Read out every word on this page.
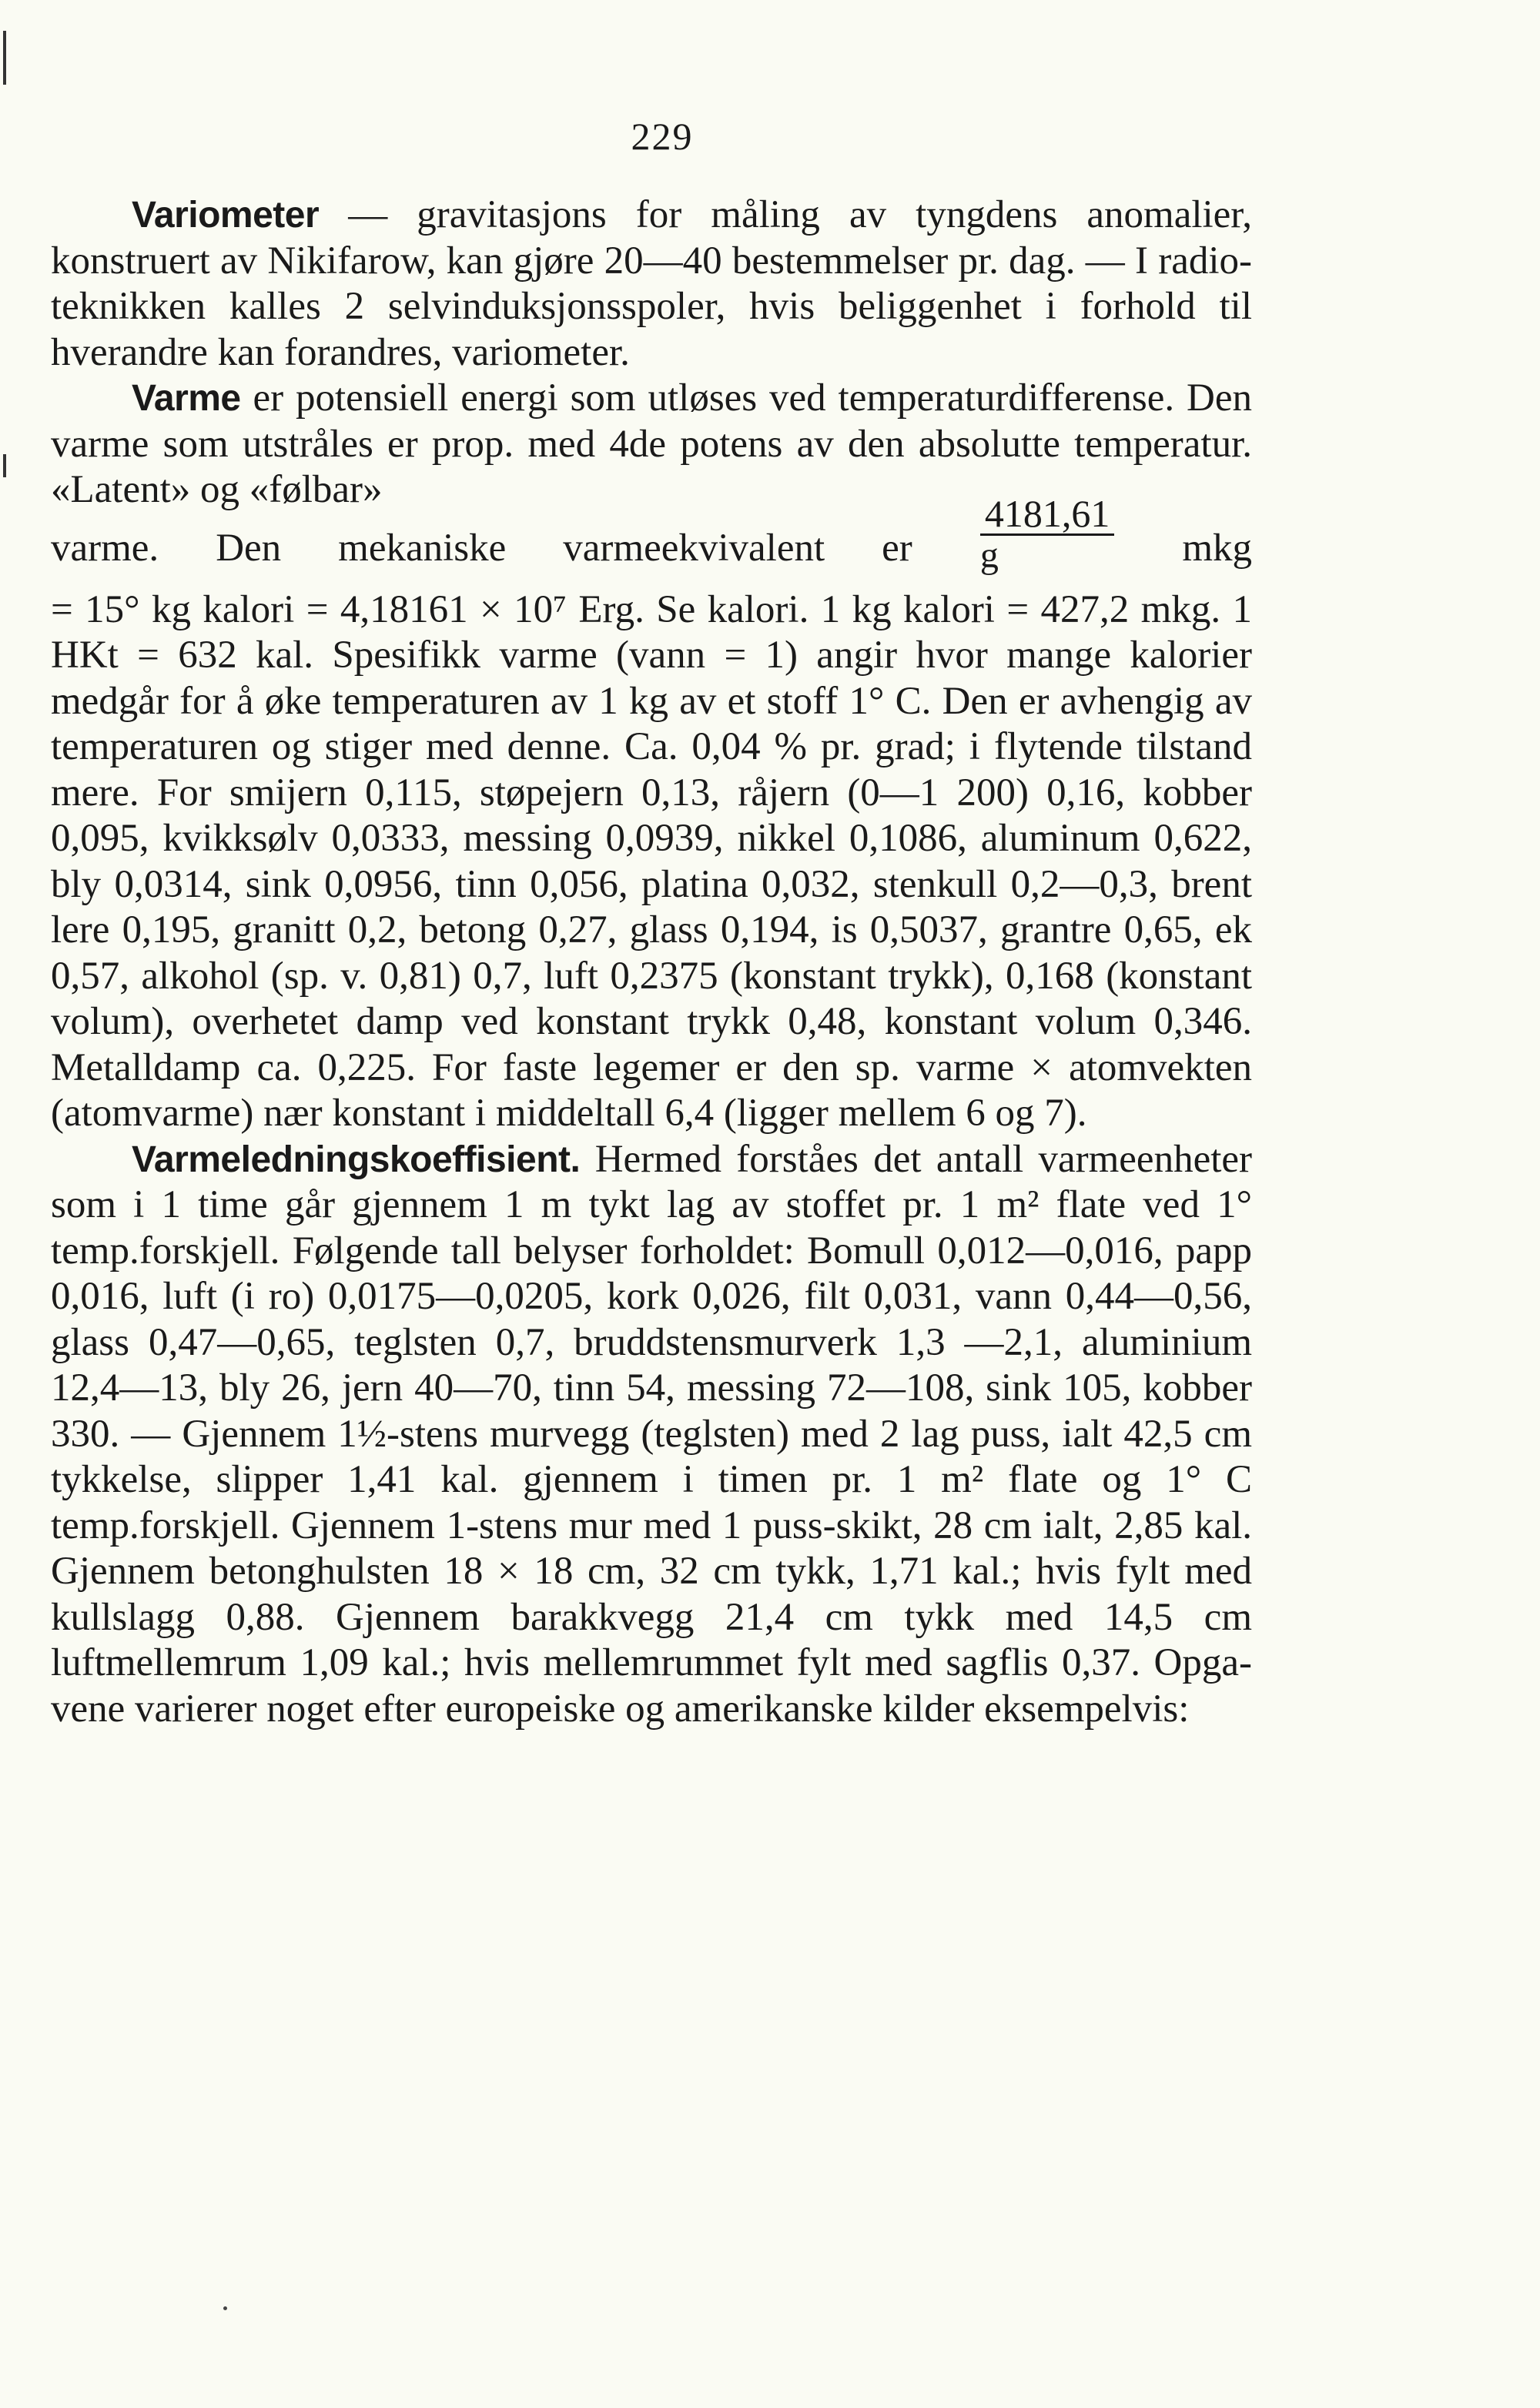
229

Variometer — gravitasjons for måling av tyngdens anomalier, konstruert av Nikifarow, kan gjøre 20—40 bestemmelser pr. dag. — I radio-teknikken kalles 2 selvinduksjonsspoler, hvis beliggenhet i forhold til hverandre kan forandres, variometer.

Varme er potensiell energi som utløses ved temperaturdifferense. Den varme som utstråles er prop. med 4de potens av den absolutte temperatur. «Latent» og «følbar»

varme. Den mekaniske varmeekvivalent er $\frac{4181,61}{g}$ mkg

= 15° kg kalori = 4,18161 × 10⁷ Erg. Se kalori. 1 kg kalori = 427,2 mkg. 1 HKt = 632 kal. Spesifikk varme (vann = 1) angir hvor mange kalorier medgår for å øke temperaturen av 1 kg av et stoff 1° C. Den er avhengig av temperaturen og stiger med denne. Ca. 0,04 % pr. grad; i flytende tilstand mere. For smijern 0,115, støpejern 0,13, råjern (0—1 200) 0,16, kobber 0,095, kvikksølv 0,0333, messing 0,0939, nikkel 0,1086, aluminum 0,622, bly 0,0314, sink 0,0956, tinn 0,056, platina 0,032, stenkull 0,2—0,3, brent lere 0,195, granitt 0,2, betong 0,27, glass 0,194, is 0,5037, grantre 0,65, ek 0,57, alkohol (sp. v. 0,81) 0,7, luft 0,2375 (konstant trykk), 0,168 (konstant volum), overhetet damp ved konstant trykk 0,48, konstant volum 0,346. Metalldamp ca. 0,225. For faste legemer er den sp. varme × atomvekten (atomvarme) nær konstant i middeltall 6,4 (ligger mellem 6 og 7).

Varmeledningskoeffisient. Hermed forståes det antall varmeenheter som i 1 time går gjennem 1 m tykt lag av stoffet pr. 1 m² flate ved 1° temp.forskjell. Følgende tall belyser forholdet: Bomull 0,012—0,016, papp 0,016, luft (i ro) 0,0175—0,0205, kork 0,026, filt 0,031, vann 0,44—0,56, glass 0,47—0,65, teglsten 0,7, bruddstensmurverk 1,3 —2,1, aluminium 12,4—13, bly 26, jern 40—70, tinn 54, messing 72—108, sink 105, kobber 330. — Gjennem 1½-stens murvegg (teglsten) med 2 lag puss, ialt 42,5 cm tykkelse, slipper 1,41 kal. gjennem i timen pr. 1 m² flate og 1° C temp.forskjell. Gjennem 1-stens mur med 1 puss-skikt, 28 cm ialt, 2,85 kal. Gjennem betonghulsten 18 × 18 cm, 32 cm tykk, 1,71 kal.; hvis fylt med kullslagg 0,88. Gjennem barakkvegg 21,4 cm tykk med 14,5 cm luftmellemrum 1,09 kal.; hvis mellemrummet fylt med sagflis 0,37. Opgavene varierer noget efter europeiske og amerikanske kilder eksempelvis:
